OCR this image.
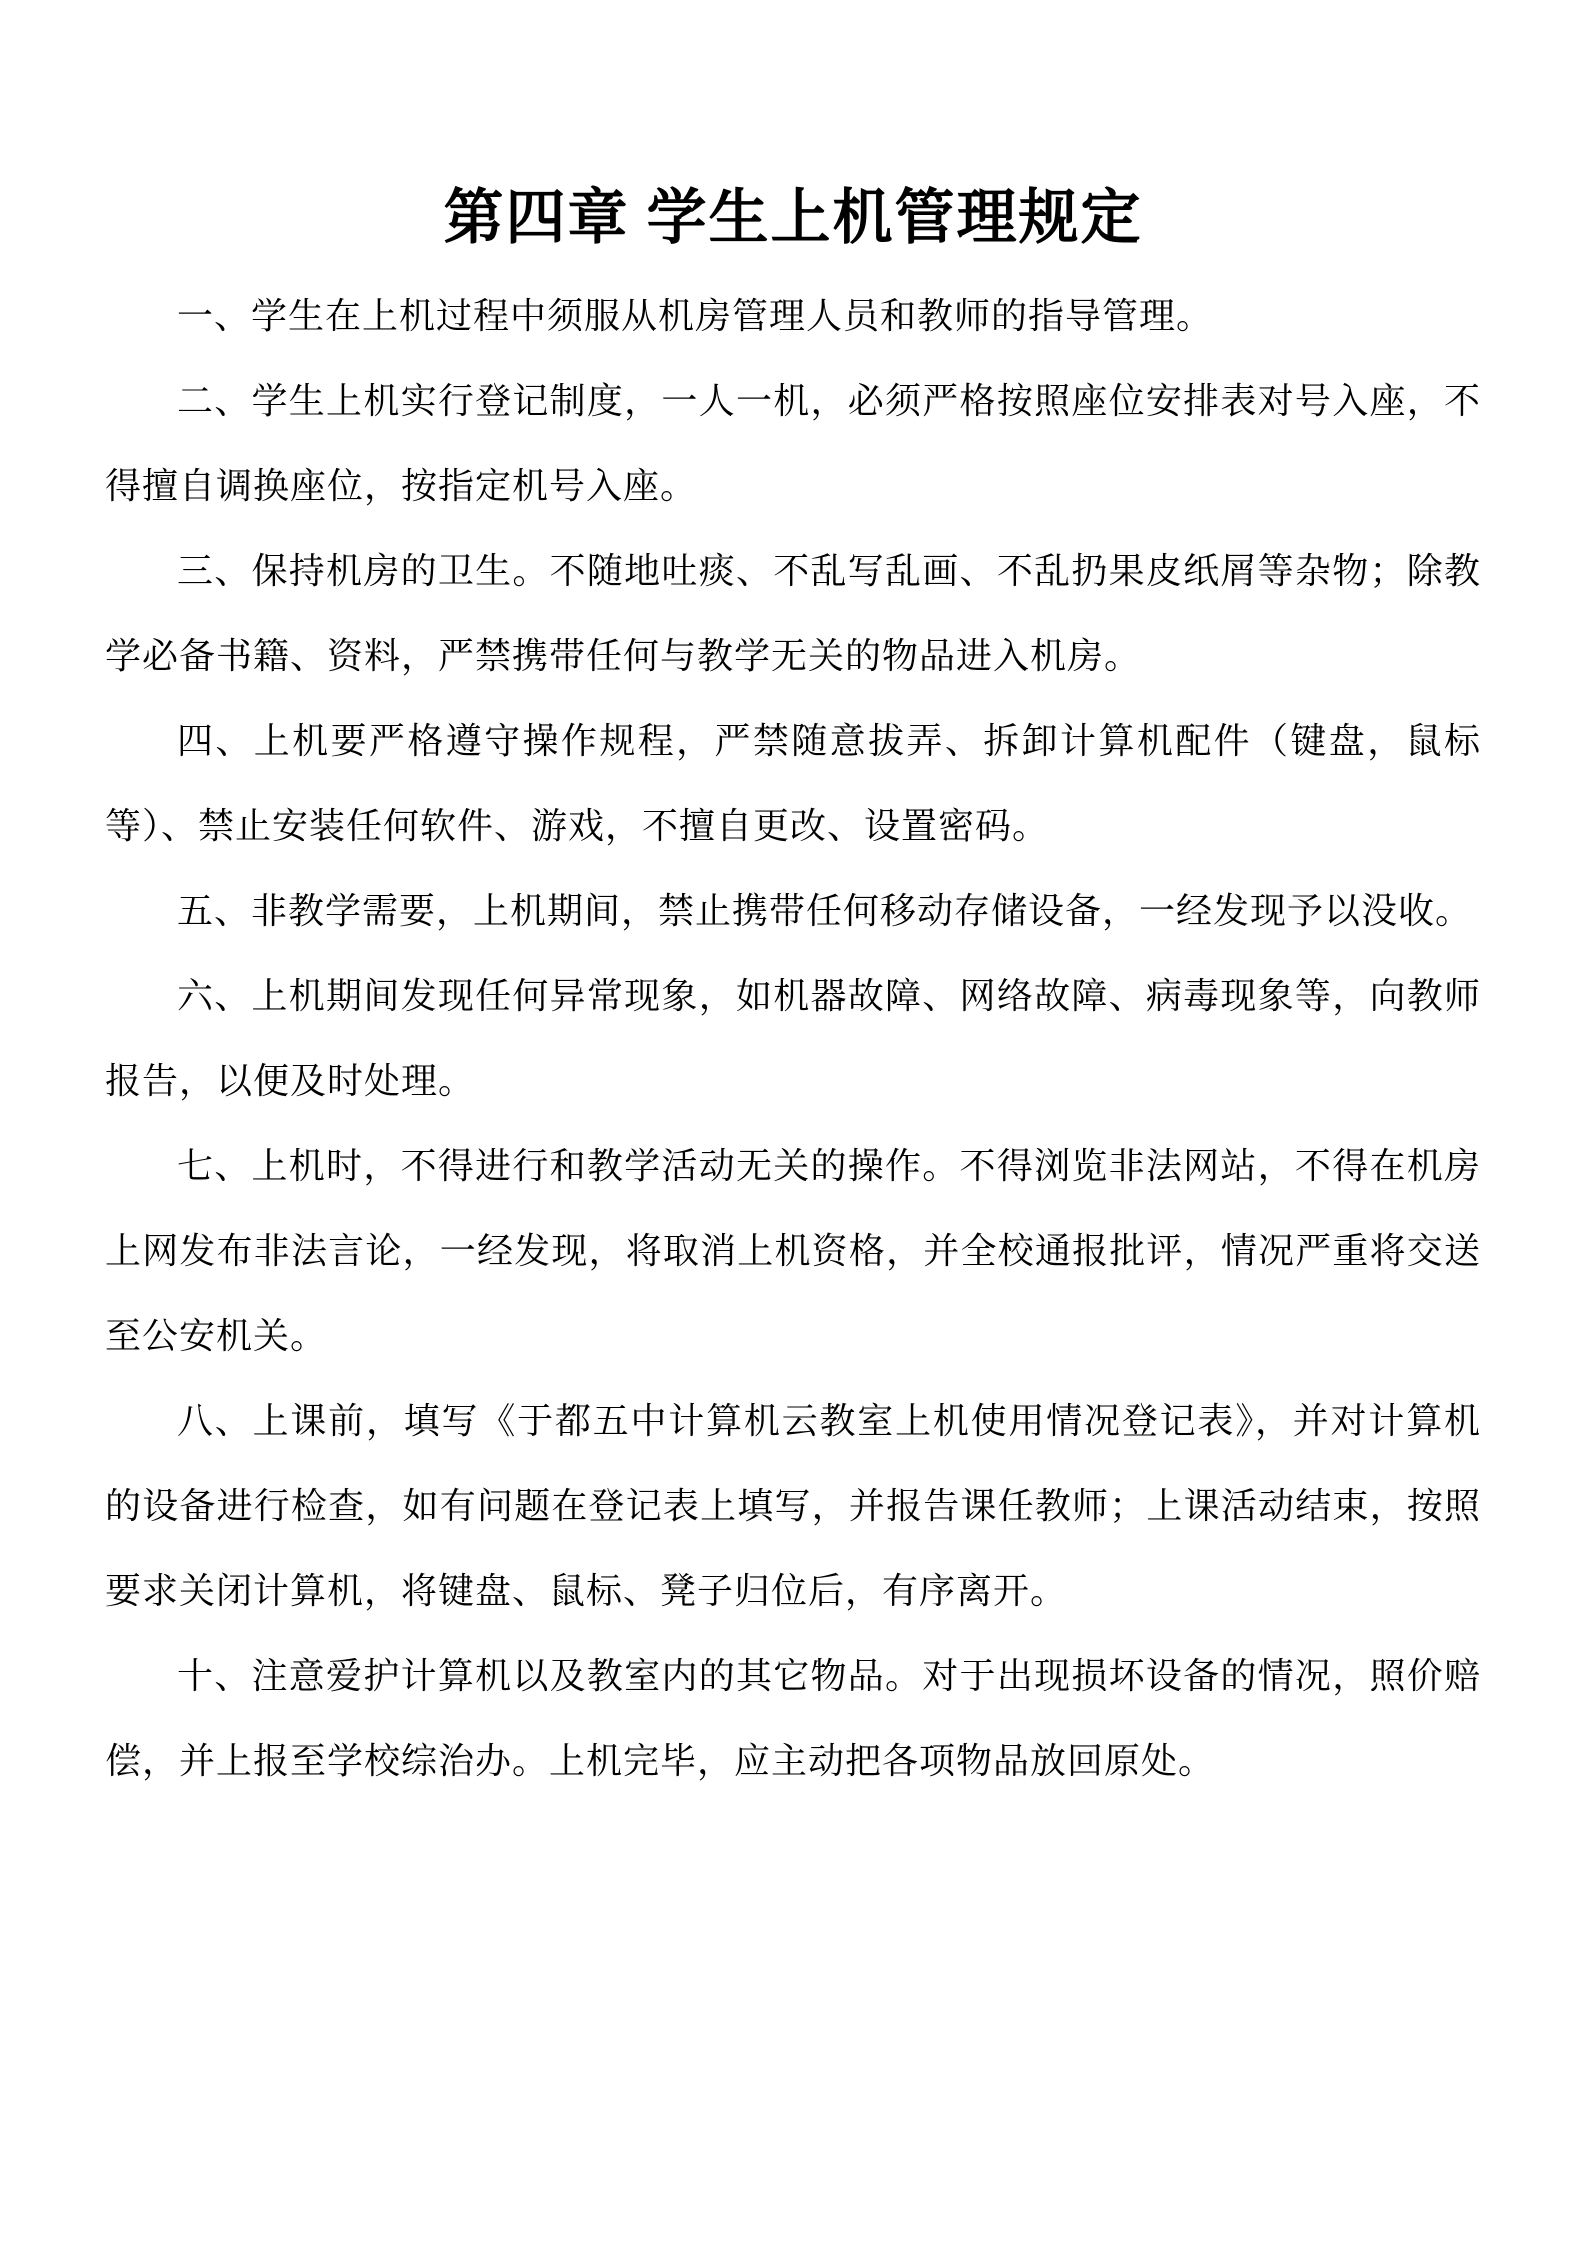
第四章 学生上机管理规定

一、学生在上机过程中须服从机房管理人员和教师的指导管理。

二、学生上机实行登记制度，一人一机，必须严格按照座位安排表对号入座，不得擅自调换座位，按指定机号入座。

三、保持机房的卫生。不随地吐痰、不乱写乱画、不乱扔果皮纸屑等杂物；除教学必备书籍、资料，严禁携带任何与教学无关的物品进入机房。

四、上机要严格遵守操作规程，严禁随意拔弄、拆卸计算机配件（键盘，鼠标等）、禁止安装任何软件、游戏，不擅自更改、设置密码。

五、非教学需要，上机期间，禁止携带任何移动存储设备，一经发现予以没收。

六、上机期间发现任何异常现象，如机器故障、网络故障、病毒现象等，向教师报告，以便及时处理。

七、上机时，不得进行和教学活动无关的操作。不得浏览非法网站，不得在机房上网发布非法言论，一经发现，将取消上机资格，并全校通报批评，情况严重将交送至公安机关。

八、上课前，填写《于都五中计算机云教室上机使用情况登记表》，并对计算机的设备进行检查，如有问题在登记表上填写，并报告课任教师；上课活动结束，按照要求关闭计算机，将键盘、鼠标、凳子归位后，有序离开。

十、注意爱护计算机以及教室内的其它物品。对于出现损坏设备的情况，照价赔偿，并上报至学校综治办。上机完毕，应主动把各项物品放回原处。
